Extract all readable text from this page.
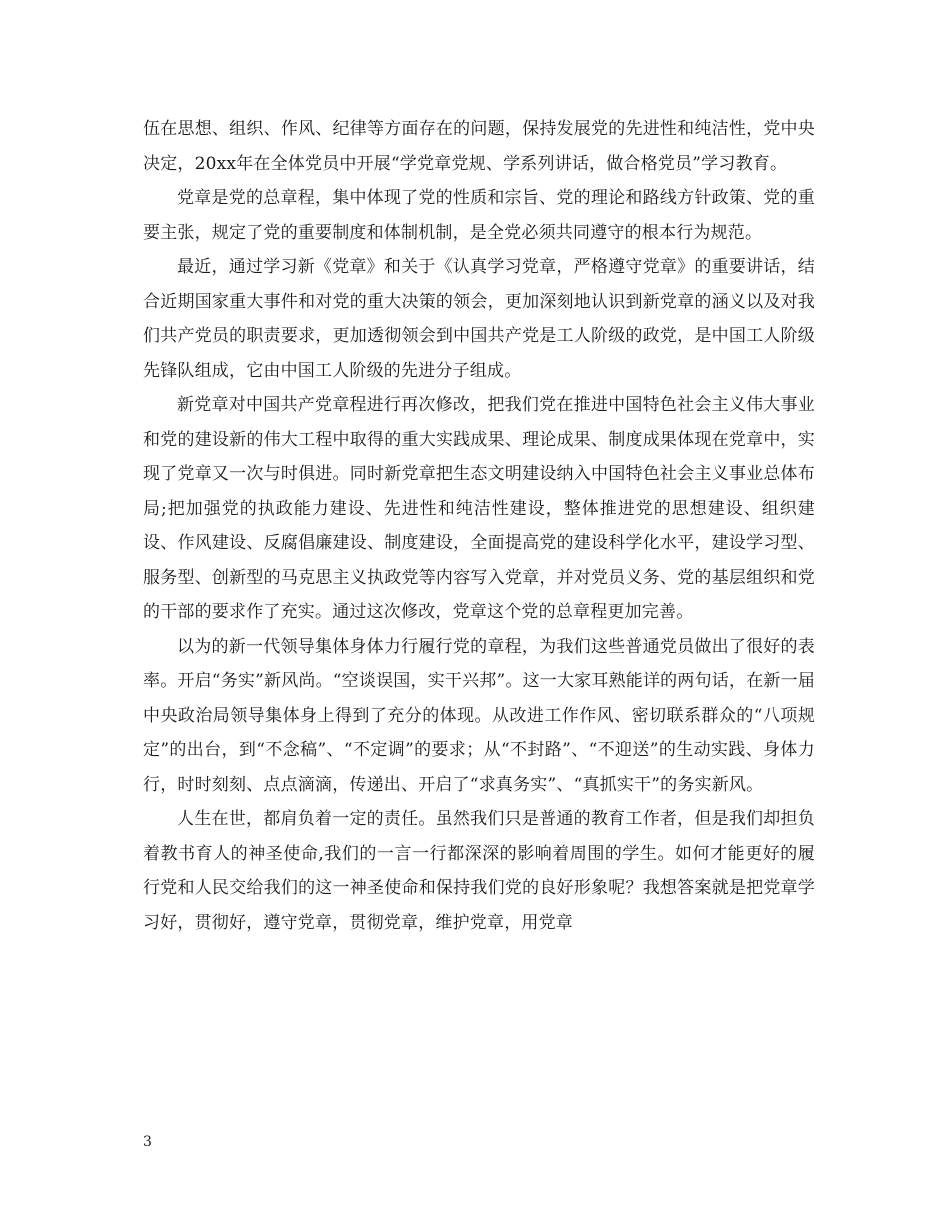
伍在思想、组织、作风、纪律等方面存在的问题，保持发展党的先进性和纯洁性，党中央决定，20xx年在全体党员中开展“学党章党规、学系列讲话，做合格党员”学习教育。

党章是党的总章程，集中体现了党的性质和宗旨、党的理论和路线方针政策、党的重要主张，规定了党的重要制度和体制机制，是全党必须共同遵守的根本行为规范。

最近，通过学习新《党章》和关于《认真学习党章，严格遵守党章》的重要讲话，结合近期国家重大事件和对党的重大决策的领会，更加深刻地认识到新党章的涵义以及对我们共产党员的职责要求，更加透彻领会到中国共产党是工人阶级的政党，是中国工人阶级先锋队组成，它由中国工人阶级的先进分子组成。

新党章对中国共产党章程进行再次修改，把我们党在推进中国特色社会主义伟大事业和党的建设新的伟大工程中取得的重大实践成果、理论成果、制度成果体现在党章中，实现了党章又一次与时俱进。同时新党章把生态文明建设纳入中国特色社会主义事业总体布局;把加强党的执政能力建设、先进性和纯洁性建设，整体推进党的思想建设、组织建设、作风建设、反腐倡廉建设、制度建设，全面提高党的建设科学化水平，建设学习型、服务型、创新型的马克思主义执政党等内容写入党章，并对党员义务、党的基层组织和党的干部的要求作了充实。通过这次修改，党章这个党的总章程更加完善。

以为的新一代领导集体身体力行履行党的章程，为我们这些普通党员做出了很好的表率。开启“务实”新风尚。“空谈误国，实干兴邦”。这一大家耳熟能详的两句话，在新一届中央政治局领导集体身上得到了充分的体现。从改进工作作风、密切联系群众的“八项规定”的出台，到“不念稿”、“不定调”的要求；从“不封路”、“不迎送”的生动实践、身体力行，时时刻刻、点点滴滴，传递出、开启了“求真务实”、“真抓实干”的务实新风。

人生在世，都肩负着一定的责任。虽然我们只是普通的教育工作者，但是我们却担负着教书育人的神圣使命,我们的一言一行都深深的影响着周围的学生。如何才能更好的履行党和人民交给我们的这一神圣使命和保持我们党的良好形象呢？我想答案就是把党章学习好，贯彻好，遵守党章，贯彻党章，维护党章，用党章

3
